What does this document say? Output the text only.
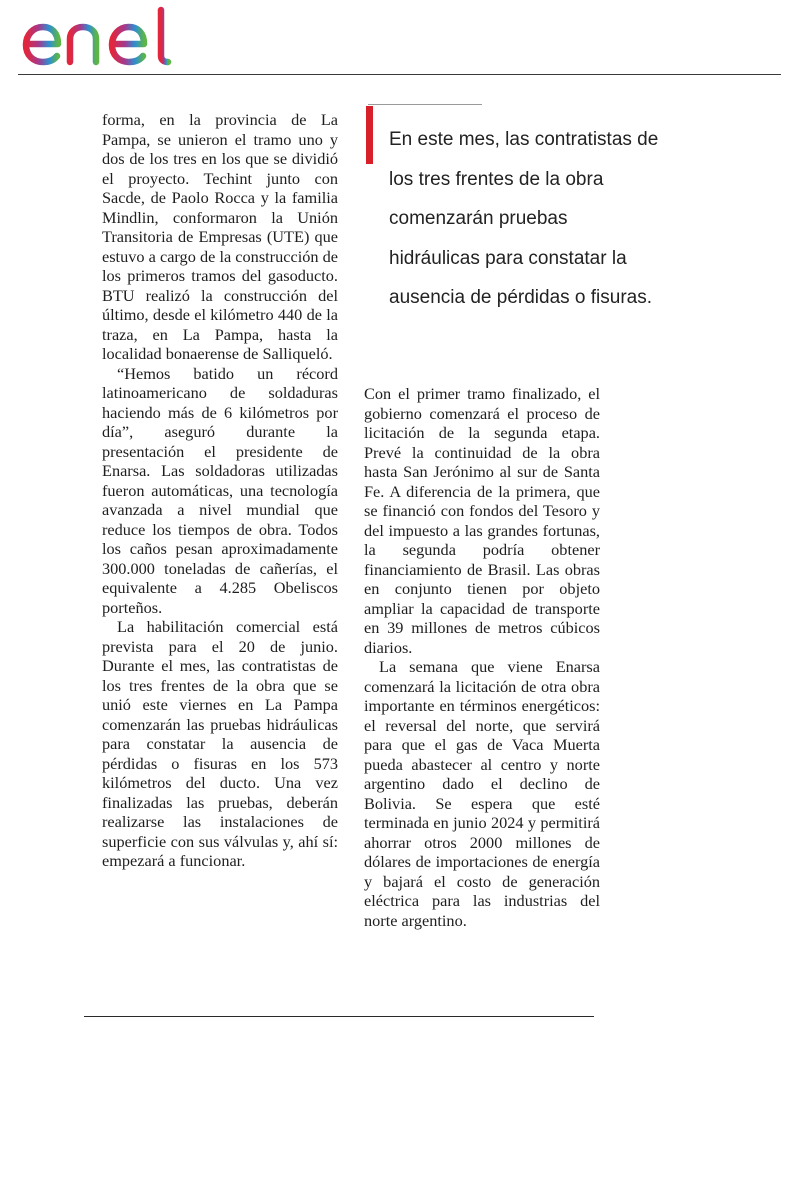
forma, en la provincia de La Pampa, se unieron el tramo uno y dos de los tres en los que se dividió el proyecto. Techint junto con Sacde, de Paolo Rocca y la familia Mindlin, conformaron la Unión Transitoria de Empresas (UTE) que estuvo a cargo de la construcción de los primeros tramos del gasoducto. BTU realizó la construcción del último, desde el kilómetro 440 de la traza, en La Pampa, hasta la localidad bonaerense de Salliqueló.

“Hemos batido un récord latinoamericano de soldaduras haciendo más de 6 kilómetros por día”, aseguró durante la presentación el presidente de Enarsa. Las soldadoras utilizadas fueron automáticas, una tecnología avanzada a nivel mundial que reduce los tiempos de obra. Todos los caños pesan aproximadamente 300.000 toneladas de cañerías, el equivalente a 4.285 Obeliscos porteños.

La habilitación comercial está prevista para el 20 de junio. Durante el mes, las contratistas de los tres frentes de la obra que se unió este viernes en La Pampa comenzarán las pruebas hidráulicas para constatar la ausencia de pérdidas o fisuras en los 573 kilómetros del ducto. Una vez finalizadas las pruebas, deberán realizarse las instalaciones de superficie con sus válvulas y, ahí sí: empezará a funcionar.

En este mes, las contratistas de los tres frentes de la obra comenzarán pruebas hidráulicas para constatar la ausencia de pérdidas o fisuras.

Con el primer tramo finalizado, el gobierno comenzará el proceso de licitación de la segunda etapa. Prevé la continuidad de la obra hasta San Jerónimo al sur de Santa Fe. A diferencia de la primera, que se financió con fondos del Tesoro y del impuesto a las grandes fortunas, la segunda podría obtener financiamiento de Brasil. Las obras en conjunto tienen por objeto ampliar la capacidad de transporte en 39 millones de metros cúbicos diarios.

La semana que viene Enarsa comenzará la licitación de otra obra importante en términos energéticos: el reversal del norte, que servirá para que el gas de Vaca Muerta pueda abastecer al centro y norte argentino dado el declino de Bolivia. Se espera que esté terminada en junio 2024 y permitirá ahorrar otros 2000 millones de dólares de importaciones de energía y bajará el costo de generación eléctrica para las industrias del norte argentino.
